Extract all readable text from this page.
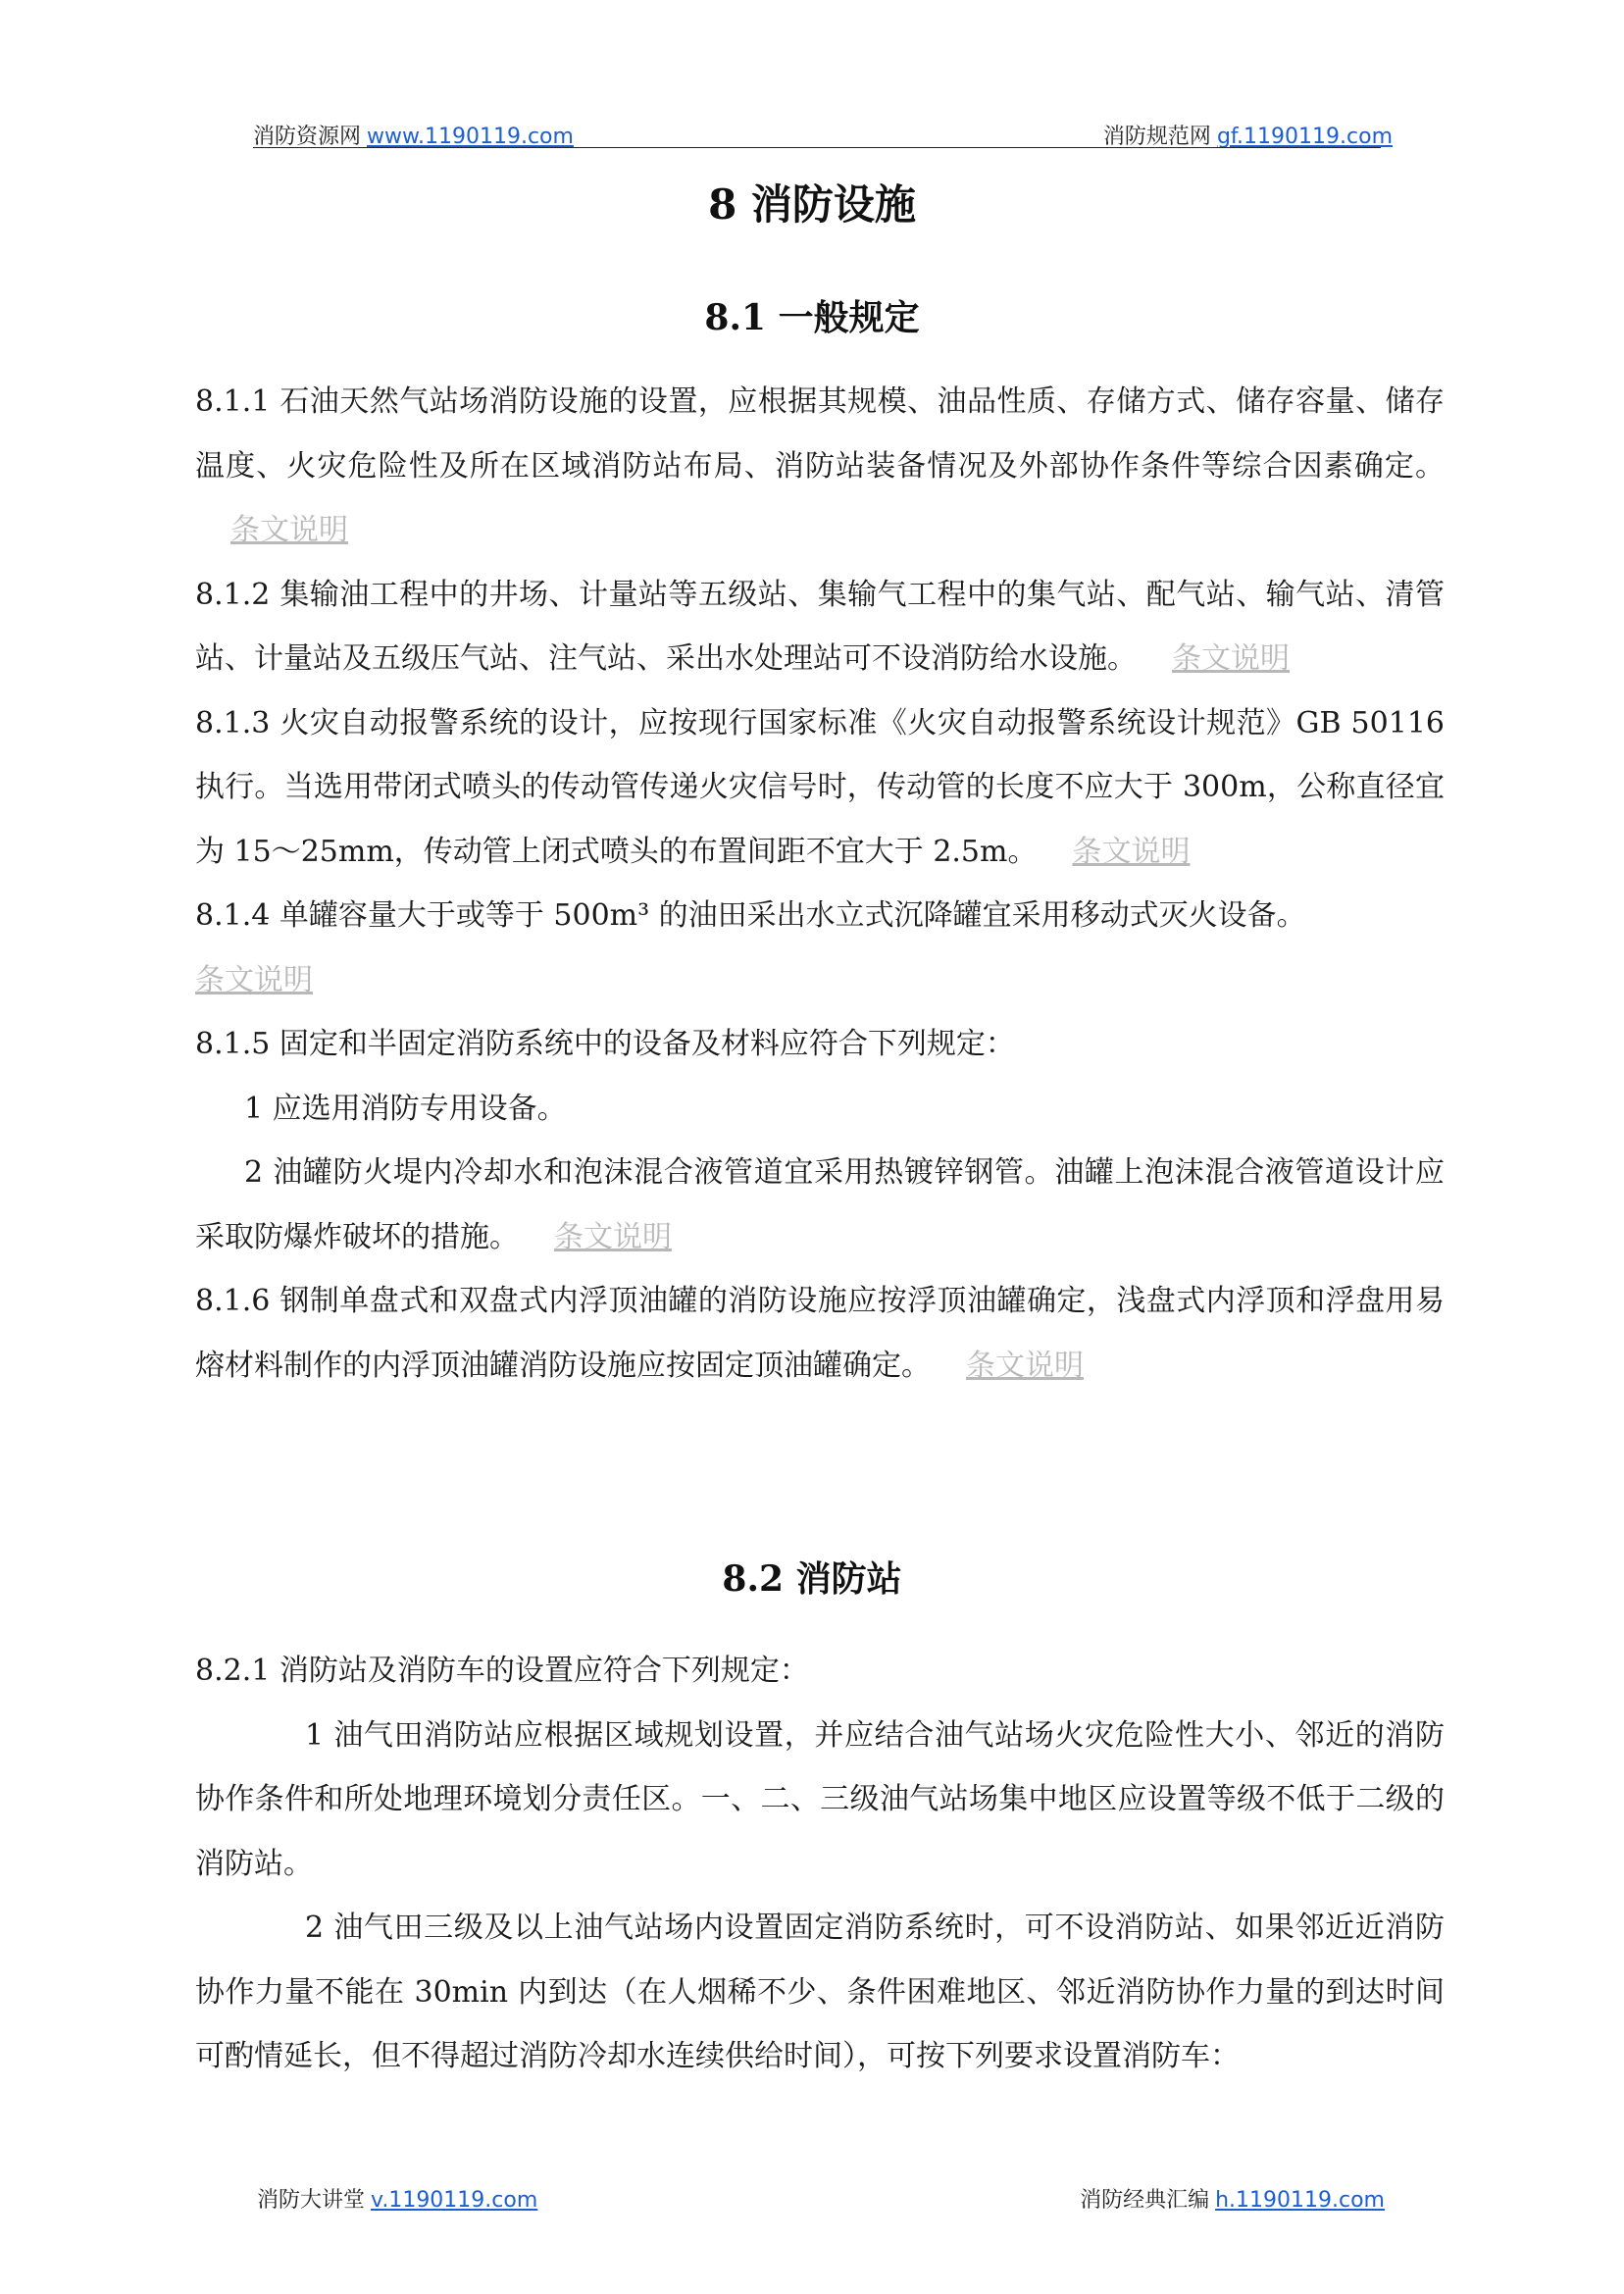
消防资源网 www.1190119.com	消防规范网 gf.1190119.com
8 消防设施
8.1 一般规定

8.1.1 石油天然气站场消防设施的设置，应根据其规模、油品性质、存储方式、储存容量、储存温度、火灾危险性及所在区域消防站布局、消防站装备情况及外部协作条件等综合因素确定。条文说明

8.1.2 集输油工程中的井场、计量站等五级站、集输气工程中的集气站、配气站、输气站、清管站、计量站及五级压气站、注气站、采出水处理站可不设消防给水设施。 条文说明

8.1.3 火灾自动报警系统的设计，应按现行国家标准《火灾自动报警系统设计规范》GB 50116 执行。当选用带闭式喷头的传动管传递火灾信号时，传动管的长度不应大于 300m，公称直径宜为 15～25mm，传动管上闭式喷头的布置间距不宜大于 2.5m。 条文说明

8.1.4 单罐容量大于或等于 500m³ 的油田采出水立式沉降罐宜采用移动式灭火设备。
条文说明

8.1.5 固定和半固定消防系统中的设备及材料应符合下列规定：

1 应选用消防专用设备。

2 油罐防火堤内冷却水和泡沫混合液管道宜采用热镀锌钢管。油罐上泡沫混合液管道设计应采取防爆炸破坏的措施。 条文说明

8.1.6 钢制单盘式和双盘式内浮顶油罐的消防设施应按浮顶油罐确定，浅盘式内浮顶和浮盘用易熔材料制作的内浮顶油罐消防设施应按固定顶油罐确定。 条文说明

8.2 消防站

8.2.1 消防站及消防车的设置应符合下列规定：

1 油气田消防站应根据区域规划设置，并应结合油气站场火灾危险性大小、邻近的消防协作条件和所处地理环境划分责任区。一、二、三级油气站场集中地区应设置等级不低于二级的消防站。

2 油气田三级及以上油气站场内设置固定消防系统时，可不设消防站、如果邻近近消防协作力量不能在 30min 内到达（在人烟稀不少、条件困难地区、邻近消防协作力量的到达时间可酌情延长，但不得超过消防冷却水连续供给时间），可按下列要求设置消防车：

消防大讲堂 v.1190119.com	消防经典汇编 h.1190119.com
